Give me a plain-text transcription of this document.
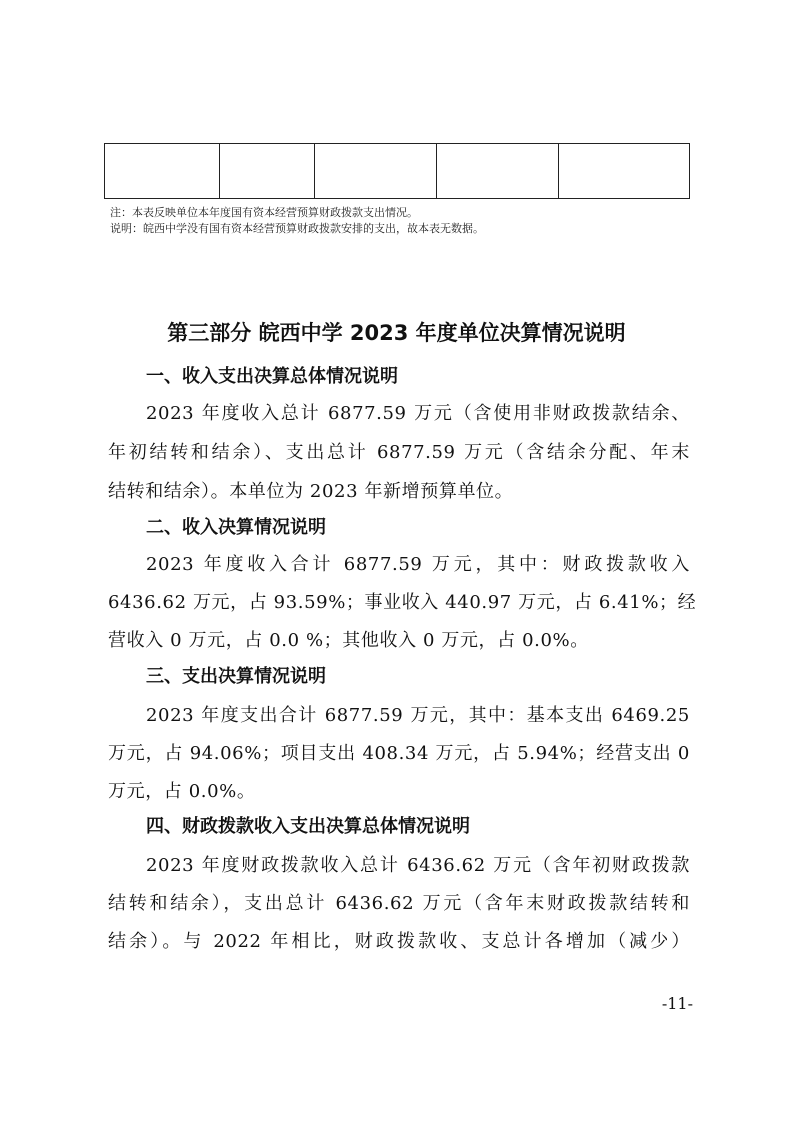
注：本表反映单位本年度国有资本经营预算财政拨款支出情况。
说明：皖西中学没有国有资本经营预算财政拨款安排的支出，故本表无数据。
第三部分 皖西中学 2023 年度单位决算情况说明
一、收入支出决算总体情况说明
2023 年度收入总计 6877.59 万元（含使用非财政拨款结余、
年初结转和结余）、支出总计 6877.59 万元（含结余分配、年末
结转和结余）。本单位为 2023 年新增预算单位。
二、收入决算情况说明
2023 年度收入合计 6877.59 万元，其中：财政拨款收入
6436.62 万元，占 93.59%；事业收入 440.97 万元，占 6.41%；经
营收入 0 万元，占 0.0 %；其他收入 0 万元，占 0.0%。
三、支出决算情况说明
2023 年度支出合计 6877.59 万元，其中：基本支出 6469.25
万元，占 94.06%；项目支出 408.34 万元，占 5.94%；经营支出 0
万元，占 0.0%。
四、财政拨款收入支出决算总体情况说明
2023 年度财政拨款收入总计 6436.62 万元（含年初财政拨款
结转和结余），支出总计 6436.62 万元（含年末财政拨款结转和
结余）。与 2022 年相比，财政拨款收、支总计各增加（减少）
-11-
